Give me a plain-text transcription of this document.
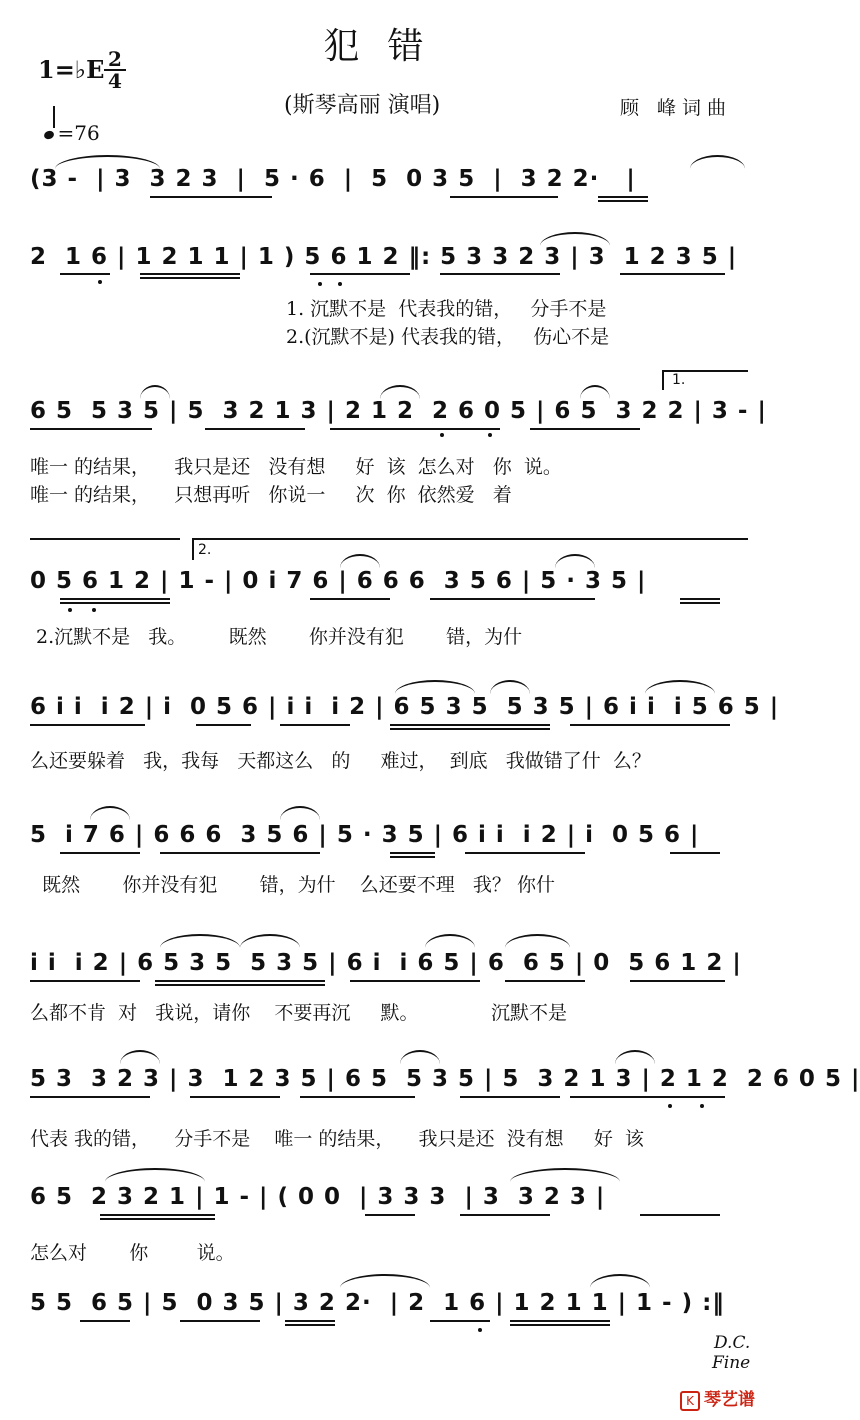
犯错
1=♭E 2
4
=76
(斯琴高丽 演唱)	顾 峰词曲
(3 -  | 3  3 2 3  |  5 · 6  |  5  0 3 5  |  3 2 2·   |
2  1 6 | 1 2 1 1 | 1 ) 5 6 1 2 ‖: 5 3 3 2 3 | 3  1 2 3 5 |
1. 沉默不是  代表我的错，   分手不是
2.(沉默不是) 代表我的错，   伤心不是
1.
6 5  5 3 5 | 5  3 2 1 3 | 2 1 2  2 6 0 5 | 6 5  3 2 2 | 3 - |
唯一 的结果，    我只是还   没有想     好  该  怎么对   你  说。
唯一 的结果，    只想再听   你说一     次  你  依然爱   着
2.
0 5 6 1 2 | 1 - | 0 i 7 6 | 6 6 6  3 5 6 | 5 · 3 5 |
2.沉默不是   我。       既然       你并没有犯       错，为什
6 i i  i 2 | i  0 5 6 | i i  i 2 | 6 5 3 5  5 3 5 | 6 i i  i 5 6 5 |
么还要躲着   我，我每   天都这么   的     难过，  到底   我做错了什  么？
5  i 7 6 | 6 6 6  3 5 6 | 5 · 3 5 | 6 i i  i 2 | i  0 5 6 |
既然       你并没有犯       错，为什    么还要不理   我？ 你什
i i  i 2 | 6 5 3 5  5 3 5 | 6 i  i 6 5 | 6  6 5 | 0  5 6 1 2 |
么都不肯  对   我说，请你    不要再沉     默。            沉默不是
5 3  3 2 3 | 3  1 2 3 5 | 6 5  5 3 5 | 5  3 2 1 3 | 2 1 2  2 6 0 5 |
代表 我的错，    分手不是    唯一 的结果，    我只是还  没有想     好  该
6 5  2 3 2 1 | 1 - | ( 0 0  | 3 3 3  | 3  3 2 3 |
怎么对       你        说。
5 5  6 5 | 5  0 3 5 | 3 2 2·  | 2  1 6 | 1 2 1 1 | 1 - ) :‖
D.C.
Fine
K 琴艺谱
